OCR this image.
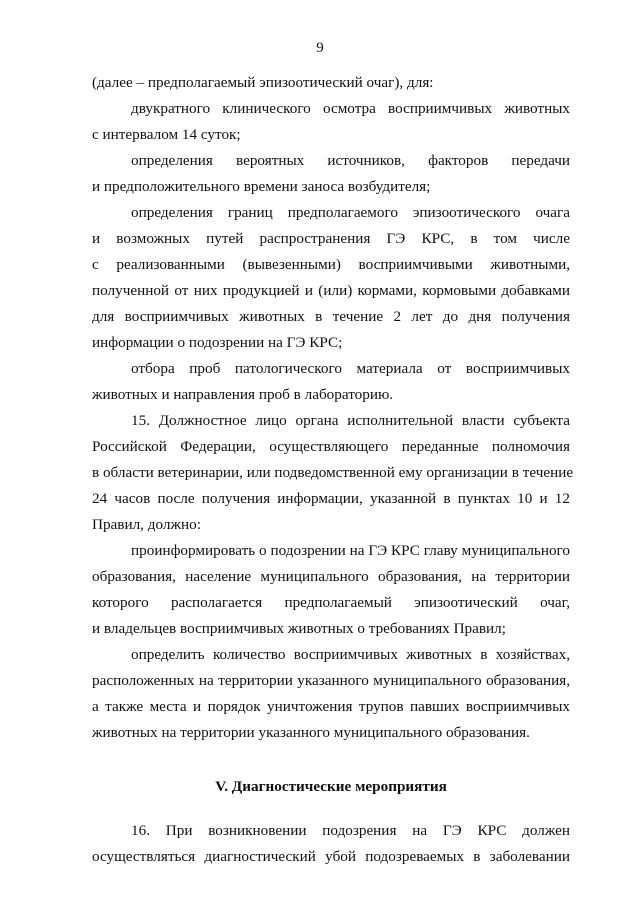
9
(далее – предполагаемый эпизоотический очаг), для:
двукратного клинического осмотра восприимчивых животных
с интервалом 14 суток;
определения вероятных источников, факторов передачи
и предположительного времени заноса возбудителя;
определения границ предполагаемого эпизоотического очага
и возможных путей распространения ГЭ КРС, в том числе
с реализованными (вывезенными) восприимчивыми животными,
полученной от них продукцией и (или) кормами, кормовыми добавками
для восприимчивых животных в течение 2 лет до дня получения
информации о подозрении на ГЭ КРС;
отбора проб патологического материала от восприимчивых
животных и направления проб в лабораторию.
15. Должностное лицо органа исполнительной власти субъекта
Российской Федерации, осуществляющего переданные полномочия
в области ветеринарии, или подведомственной ему организации в течение
24 часов после получения информации, указанной в пунктах 10 и 12
Правил, должно:
проинформировать о подозрении на ГЭ КРС главу муниципального
образования, население муниципального образования, на территории
которого располагается предполагаемый эпизоотический очаг,
и владельцев восприимчивых животных о требованиях Правил;
определить количество восприимчивых животных в хозяйствах,
расположенных на территории указанного муниципального образования,
а также места и порядок уничтожения трупов павших восприимчивых
животных на территории указанного муниципального образования.
V. Диагностические мероприятия
16. При возникновении подозрения на ГЭ КРС должен
осуществляться диагностический убой подозреваемых в заболевании
